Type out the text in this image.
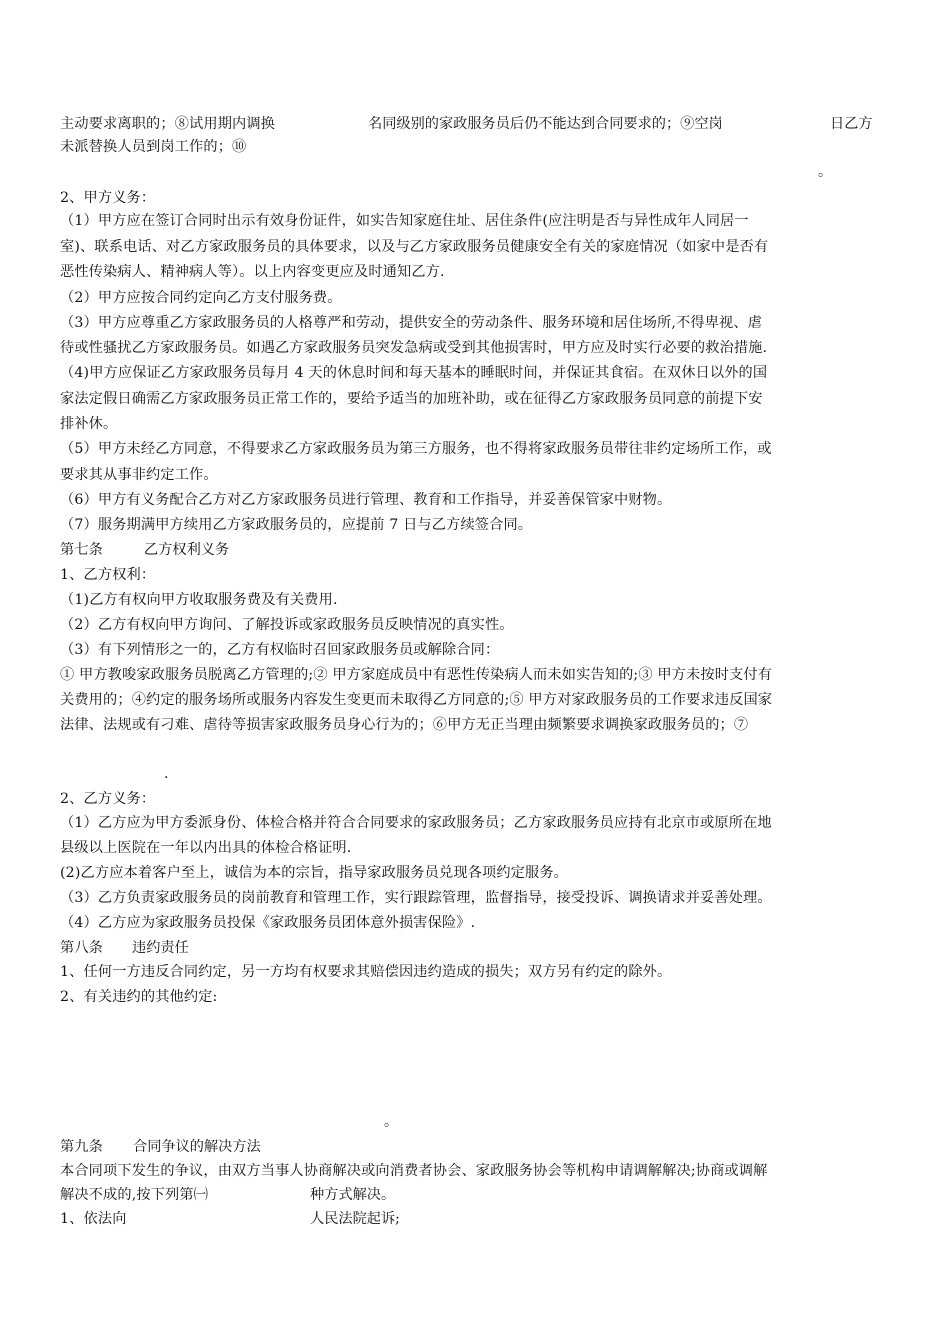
主动要求离职的；⑧试用期内调换	名同级别的家政服务员后仍不能达到合同要求的；⑨空岗	日乙方
未派替换人员到岗工作的；⑩
。
2、甲方义务：
（1）甲方应在签订合同时出示有效身份证件，如实告知家庭住址、居住条件(应注明是否与异性成年人同居一
室)、联系电话、对乙方家政服务员的具体要求，以及与乙方家政服务员健康安全有关的家庭情况（如家中是否有
恶性传染病人、精神病人等）。以上内容变更应及时通知乙方.
（2）甲方应按合同约定向乙方支付服务费。
（3）甲方应尊重乙方家政服务员的人格尊严和劳动，提供安全的劳动条件、服务环境和居住场所,不得卑视、虐
待或性骚扰乙方家政服务员。如遇乙方家政服务员突发急病或受到其他损害时，甲方应及时实行必要的救治措施.
（4)甲方应保证乙方家政服务员每月 4 天的休息时间和每天基本的睡眠时间，并保证其食宿。在双休日以外的国
家法定假日确需乙方家政服务员正常工作的，要给予适当的加班补助，或在征得乙方家政服务员同意的前提下安
排补休。
（5）甲方未经乙方同意，不得要求乙方家政服务员为第三方服务，也不得将家政服务员带往非约定场所工作，或
要求其从事非约定工作。
（6）甲方有义务配合乙方对乙方家政服务员进行管理、教育和工作指导，并妥善保管家中财物。
（7）服务期满甲方续用乙方家政服务员的，应提前 7 日与乙方续签合同。
第七条	乙方权利义务
1、乙方权利：
（1)乙方有权向甲方收取服务费及有关费用.
（2）乙方有权向甲方询问、了解投诉或家政服务员反映情况的真实性。
（3）有下列情形之一的，乙方有权临时召回家政服务员或解除合同：
① 甲方教唆家政服务员脱离乙方管理的;② 甲方家庭成员中有恶性传染病人而未如实告知的;③ 甲方未按时支付有
关费用的；④约定的服务场所或服务内容发生变更而未取得乙方同意的;⑤ 甲方对家政服务员的工作要求违反国家
法律、法规或有刁难、虐待等损害家政服务员身心行为的；⑥甲方无正当理由频繁要求调换家政服务员的；⑦
.
2、乙方义务：
（1）乙方应为甲方委派身份、体检合格并符合合同要求的家政服务员；乙方家政服务员应持有北京市或原所在地
县级以上医院在一年以内出具的体检合格证明.
(2)乙方应本着客户至上，诚信为本的宗旨，指导家政服务员兑现各项约定服务。
（3）乙方负责家政服务员的岗前教育和管理工作，实行跟踪管理，监督指导，接受投诉、调换请求并妥善处理。
（4）乙方应为家政服务员投保《家政服务员团体意外损害保险》.
第八条 违约责任
1、任何一方违反合同约定，另一方均有权要求其赔偿因违约造成的损失；双方另有约定的除外。
2、有关违约的其他约定:
。
第九条 合同争议的解决方法
本合同项下发生的争议，由双方当事人协商解决或向消费者协会、家政服务协会等机构申请调解解决;协商或调解
解决不成的,按下列第㈠	种方式解决。
1、依法向	人民法院起诉;
